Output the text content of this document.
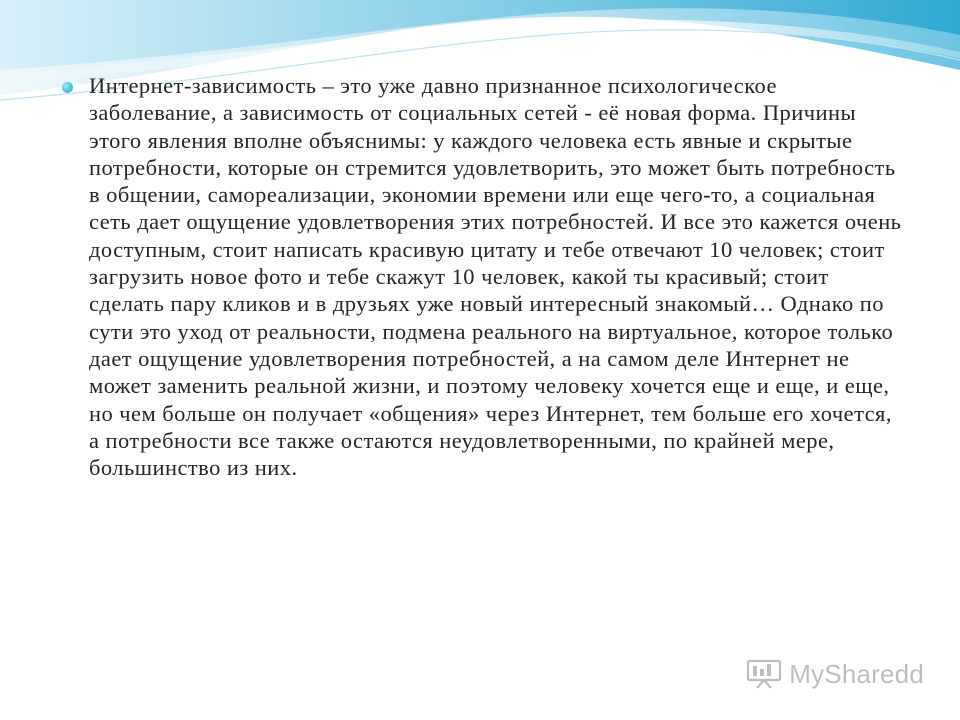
Интернет-зависимость – это уже давно признанное психологическое заболевание, а зависимость от социальных сетей - её новая форма. Причины этого явления вполне объяснимы: у каждого человека есть явные и скрытые потребности, которые он стремится удовлетворить, это может быть потребность в общении, самореализации, экономии времени или еще чего-то, а социальная сеть дает ощущение удовлетворения этих потребностей. И все это кажется очень доступным, стоит написать красивую цитату и тебе отвечают 10 человек; стоит загрузить новое фото и тебе скажут 10 человек, какой ты красивый; стоит сделать пару кликов и в друзьях уже новый интересный знакомый… Однако по сути это уход от реальности, подмена реального на виртуальное, которое только дает ощущение удовлетворения потребностей, а на самом деле Интернет не может заменить реальной жизни, и поэтому человеку хочется еще и еще, и еще, но чем больше он получает «общения» через Интернет, тем больше его хочется, а потребности все также остаются неудовлетворенными, по крайней мере, большинство из них.

MySharedd
